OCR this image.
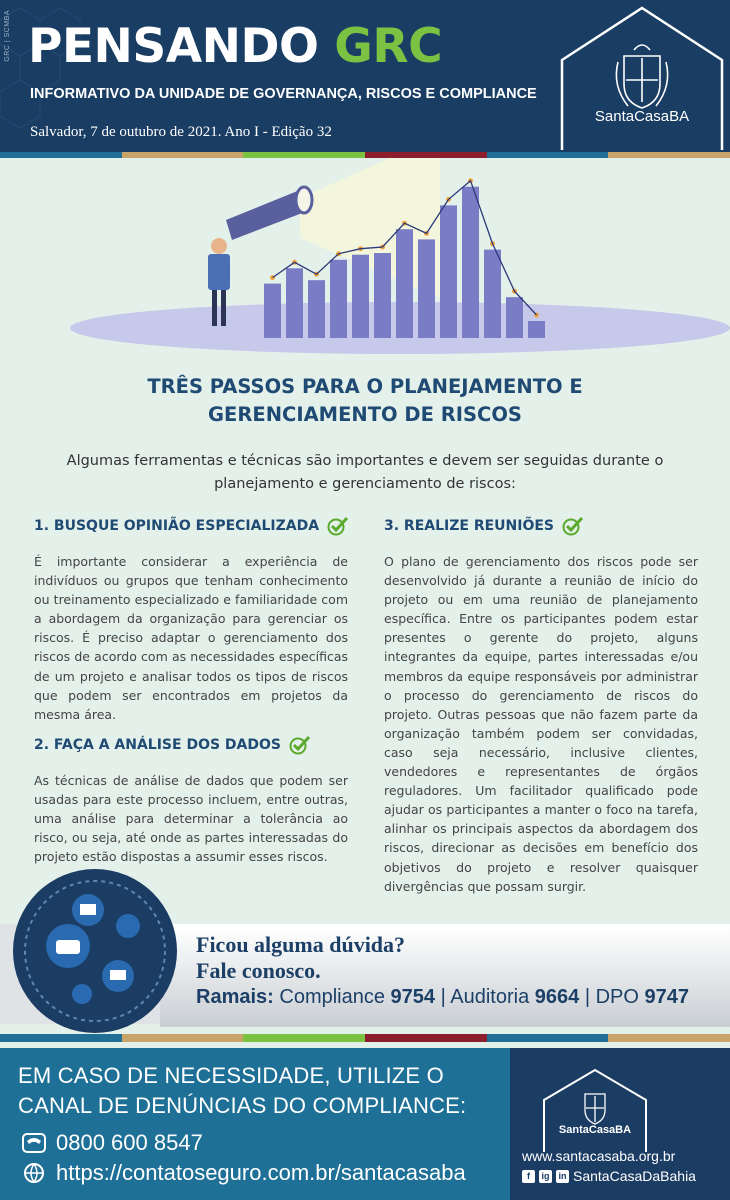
GRC | SCMBA PENSANDO GRC
INFORMATIVO DA UNIDADE DE GOVERNANÇA, RISCOS E COMPLIANCE
Salvador, 7 de outubro de 2021. Ano I - Edição 32
SantaCasaBA
TRÊS PASSOS PARA O PLANEJAMENTO E
GERENCIAMENTO DE RISCOS
Algumas ferramentas e técnicas são importantes e devem ser seguidas durante o planejamento e gerenciamento de riscos:
1. BUSQUE OPINIÃO ESPECIALIZADA
É importante considerar a experiência de indivíduos ou grupos que tenham conhecimento ou treinamento especializado e familiaridade com a abordagem da organização para gerenciar os riscos. É preciso adaptar o gerenciamento dos riscos de acordo com as necessidades específicas de um projeto e analisar todos os tipos de riscos que podem ser encontrados em projetos da mesma área.
2. FAÇA A ANÁLISE DOS DADOS
As técnicas de análise de dados que podem ser usadas para este processo incluem, entre outras, uma análise para determinar a tolerância ao risco, ou seja, até onde as partes interessadas do projeto estão dispostas a assumir esses riscos.
3. REALIZE REUNIÕES
O plano de gerenciamento dos riscos pode ser desenvolvido já durante a reunião de início do projeto ou em uma reunião de planejamento específica. Entre os participantes podem estar presentes o gerente do projeto, alguns integrantes da equipe, partes interessadas e/ou membros da equipe responsáveis por administrar o processo do gerenciamento de riscos do projeto. Outras pessoas que não fazem parte da organização também podem ser convidadas, caso seja necessário, inclusive clientes, vendedores e representantes de órgãos reguladores. Um facilitador qualificado pode ajudar os participantes a manter o foco na tarefa, alinhar os principais aspectos da abordagem dos riscos, direcionar as decisões em benefício dos objetivos do projeto e resolver quaisquer divergências que possam surgir.
Ficou alguma dúvida?
Fale conosco.
Ramais: Compliance 9754 | Auditoria 9664 | DPO 9747
EM CASO DE NECESSIDADE, UTILIZE O
CANAL DE DENÚNCIAS DO COMPLIANCE:
0800 600 8547
https://contatoseguro.com.br/santacasaba
SantaCasaBA
www.santacasaba.org.br
f	ig in SantaCasaDaBahia
